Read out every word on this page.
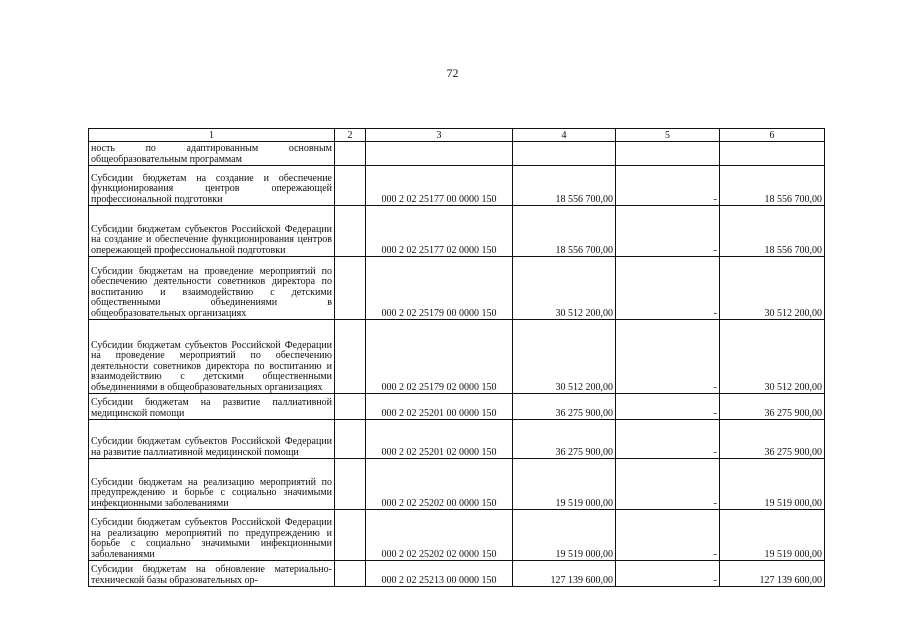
72
1	2	3	4	5	6
ность по адаптированным основным общеобразовательным программам					
Субсидии бюджетам на создание и обеспечение функционирования центров опережающей профессиональной подготовки		000 2 02 25177 00 0000 150	18 556 700,00	-	18 556 700,00
Субсидии бюджетам субъектов Российской Федерации на создание и обеспечение функционирования центров опережающей профессиональной подготовки		000 2 02 25177 02 0000 150	18 556 700,00	-	18 556 700,00
Субсидии бюджетам на проведение мероприятий по обеспечению деятельности советников директора по воспитанию и взаимодействию с детскими общественными объединениями в общеобразовательных организациях		000 2 02 25179 00 0000 150	30 512 200,00	-	30 512 200,00
Субсидии бюджетам субъектов Российской Федерации на проведение мероприятий по обеспечению деятельности советников директора по воспитанию и взаимодействию с детскими общественными объединениями в общеобразовательных организациях		000 2 02 25179 02 0000 150	30 512 200,00	-	30 512 200,00
Субсидии бюджетам на развитие паллиативной медицинской помощи		000 2 02 25201 00 0000 150	36 275 900,00	-	36 275 900,00
Субсидии бюджетам субъектов Российской Федерации на развитие паллиативной медицинской помощи		000 2 02 25201 02 0000 150	36 275 900,00	-	36 275 900,00
Субсидии бюджетам на реализацию мероприятий по предупреждению и борьбе с социально значимыми инфекционными заболеваниями		000 2 02 25202 00 0000 150	19 519 000,00	-	19 519 000,00
Субсидии бюджетам субъектов Российской Федерации на реализацию мероприятий по предупреждению и борьбе с социально значимыми инфекционными заболеваниями		000 2 02 25202 02 0000 150	19 519 000,00	-	19 519 000,00
Субсидии бюджетам на обновление материально-технической базы образовательных ор-		000 2 02 25213 00 0000 150	127 139 600,00	-	127 139 600,00
